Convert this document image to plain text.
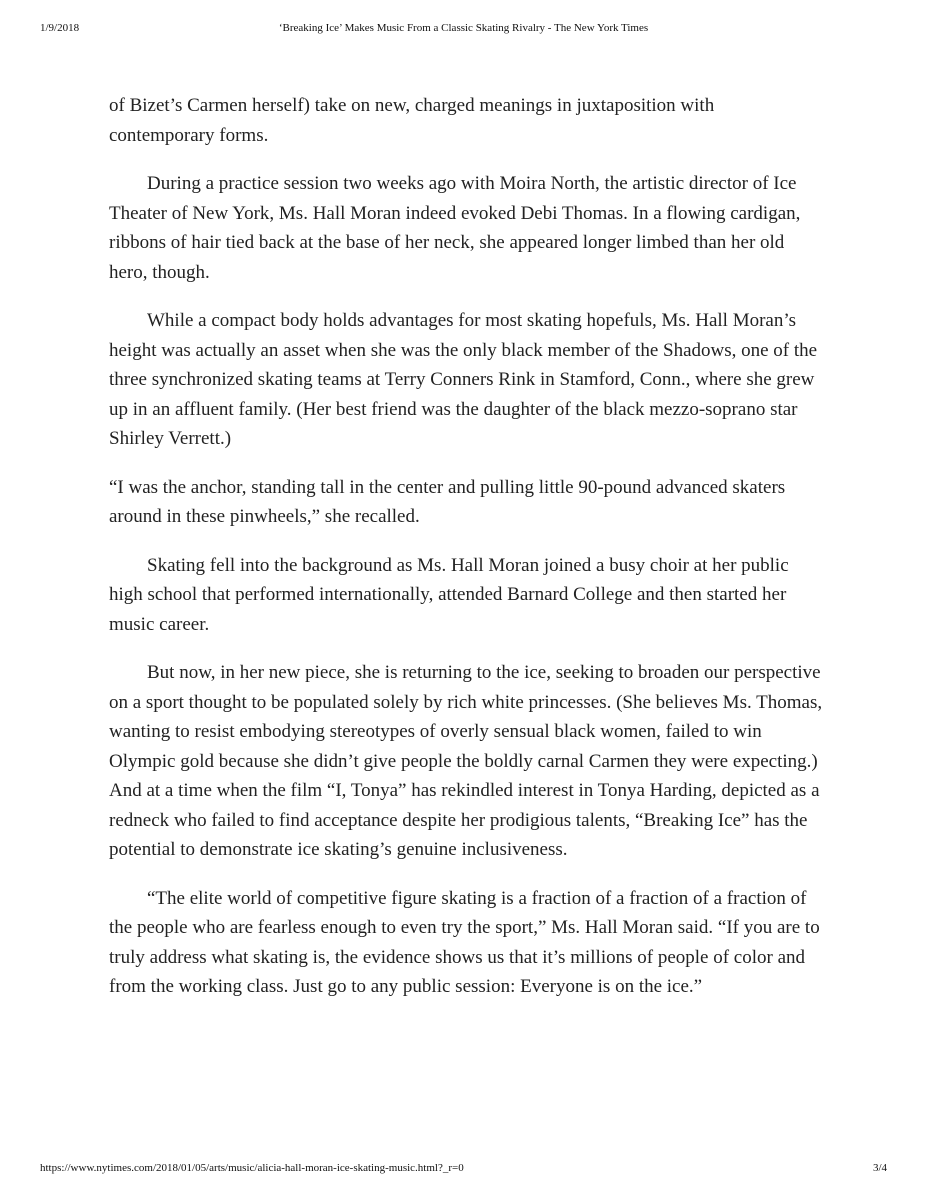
1/9/2018	‘Breaking Ice’ Makes Music From a Classic Skating Rivalry - The New York Times

of Bizet’s Carmen herself) take on new, charged meanings in juxtaposition with contemporary forms.

During a practice session two weeks ago with Moira North, the artistic director of Ice Theater of New York, Ms. Hall Moran indeed evoked Debi Thomas. In a flowing cardigan, ribbons of hair tied back at the base of her neck, she appeared longer limbed than her old hero, though.

While a compact body holds advantages for most skating hopefuls, Ms. Hall Moran’s height was actually an asset when she was the only black member of the Shadows, one of the three synchronized skating teams at Terry Conners Rink in Stamford, Conn., where she grew up in an affluent family. (Her best friend was the daughter of the black mezzo-soprano star Shirley Verrett.)

“I was the anchor, standing tall in the center and pulling little 90-pound advanced skaters around in these pinwheels,” she recalled.

Skating fell into the background as Ms. Hall Moran joined a busy choir at her public high school that performed internationally, attended Barnard College and then started her music career.

But now, in her new piece, she is returning to the ice, seeking to broaden our perspective on a sport thought to be populated solely by rich white princesses. (She believes Ms. Thomas, wanting to resist embodying stereotypes of overly sensual black women, failed to win Olympic gold because she didn’t give people the boldly carnal Carmen they were expecting.) And at a time when the film “I, Tonya” has rekindled interest in Tonya Harding, depicted as a redneck who failed to find acceptance despite her prodigious talents, “Breaking Ice” has the potential to demonstrate ice skating’s genuine inclusiveness.

“The elite world of competitive figure skating is a fraction of a fraction of a fraction of the people who are fearless enough to even try the sport,” Ms. Hall Moran said. “If you are to truly address what skating is, the evidence shows us that it’s millions of people of color and from the working class. Just go to any public session: Everyone is on the ice.”

https://www.nytimes.com/2018/01/05/arts/music/alicia-hall-moran-ice-skating-music.html?_r=0	3/4
